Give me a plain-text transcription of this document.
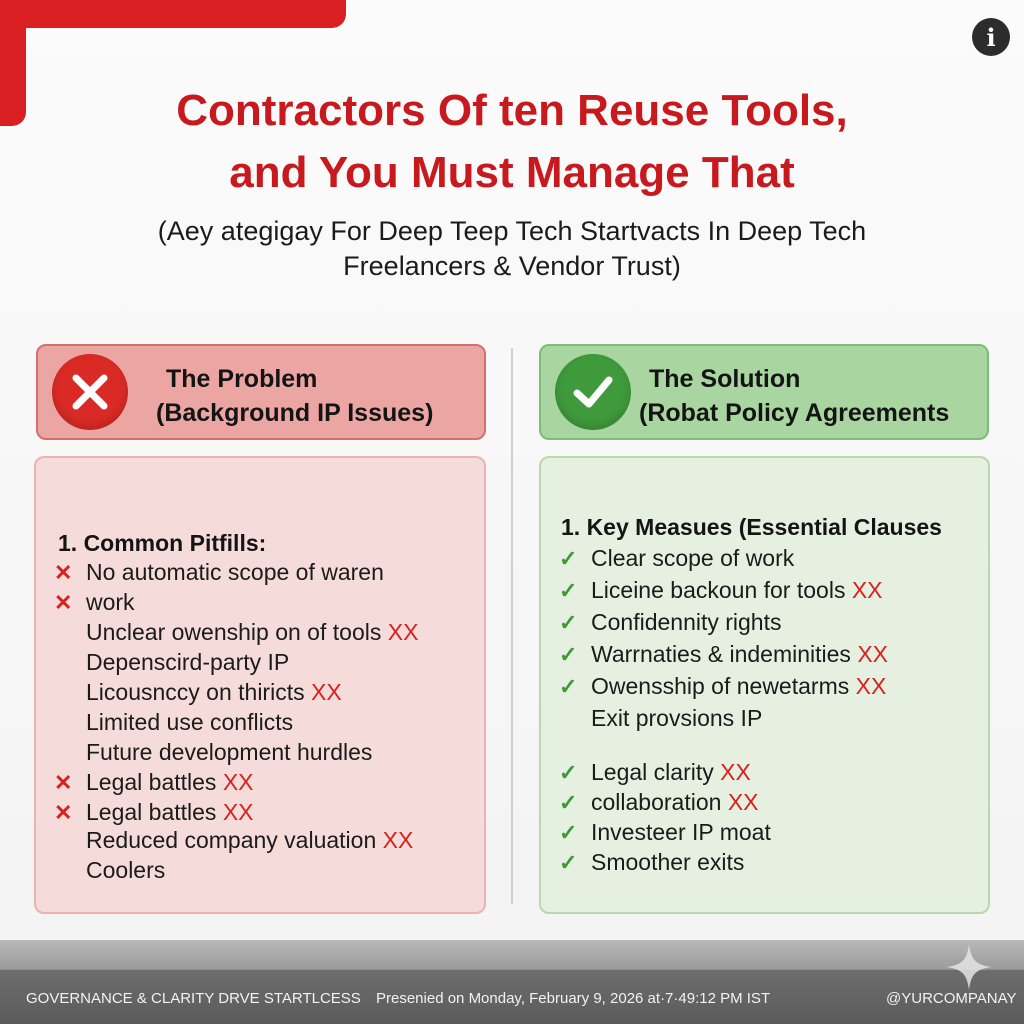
i
Contractors Of ten Reuse Tools,
and You Must Manage That
(Aey ategigay For Deep Teep Tech Startvacts In Deep Tech
Freelancers & Vendor Trust)
The Problem
(Background IP Issues)
The Solution
(Robat Policy Agreements
1. Common Pitfills:
✕ No automatic scope of waren
✕ work
Unclear owenship on of tools XX
Depenscird-party IP
Licousnccy on thiricts XX
Limited use conflicts
Future development hurdles
✕ Legal battles XX
✕ Legal battles XX
Reduced company valuation XX
Coolers
1. Key Measues (Essential Clauses
✓ Clear scope of work
✓ Liceine backoun for tools XX
✓ Confidennity rights
✓ Warrnaties & indeminities XX
✓ Owensship of newetarms XX
Exit provsions IP
✓ Legal clarity XX
✓ collaboration XX
✓ Investeer IP moat
✓ Smoother exits
GOVERNANCE & CLARITY DRVE STARTLCESS Presenied on Monday, February 9, 2026 at·7·49:12 PM IST	@YURCOMPANAY
